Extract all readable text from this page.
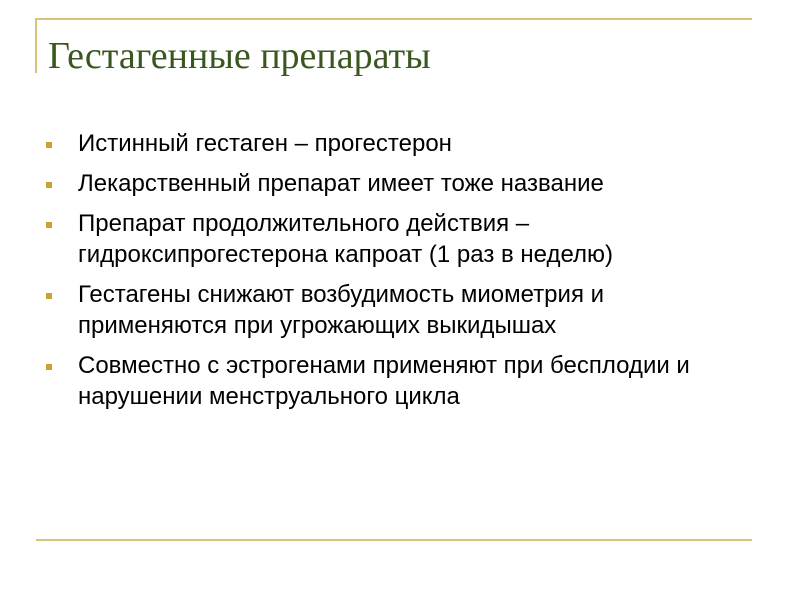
Гестагенные препараты
Истинный гестаген – прогестерон
Лекарственный препарат имеет тоже название
Препарат продолжительного действия – гидроксипрогестерона капроат (1 раз в неделю)
Гестагены снижают возбудимость миометрия и применяются при угрожающих выкидышах
Совместно с эстрогенами применяют при бесплодии и нарушении менструального цикла
